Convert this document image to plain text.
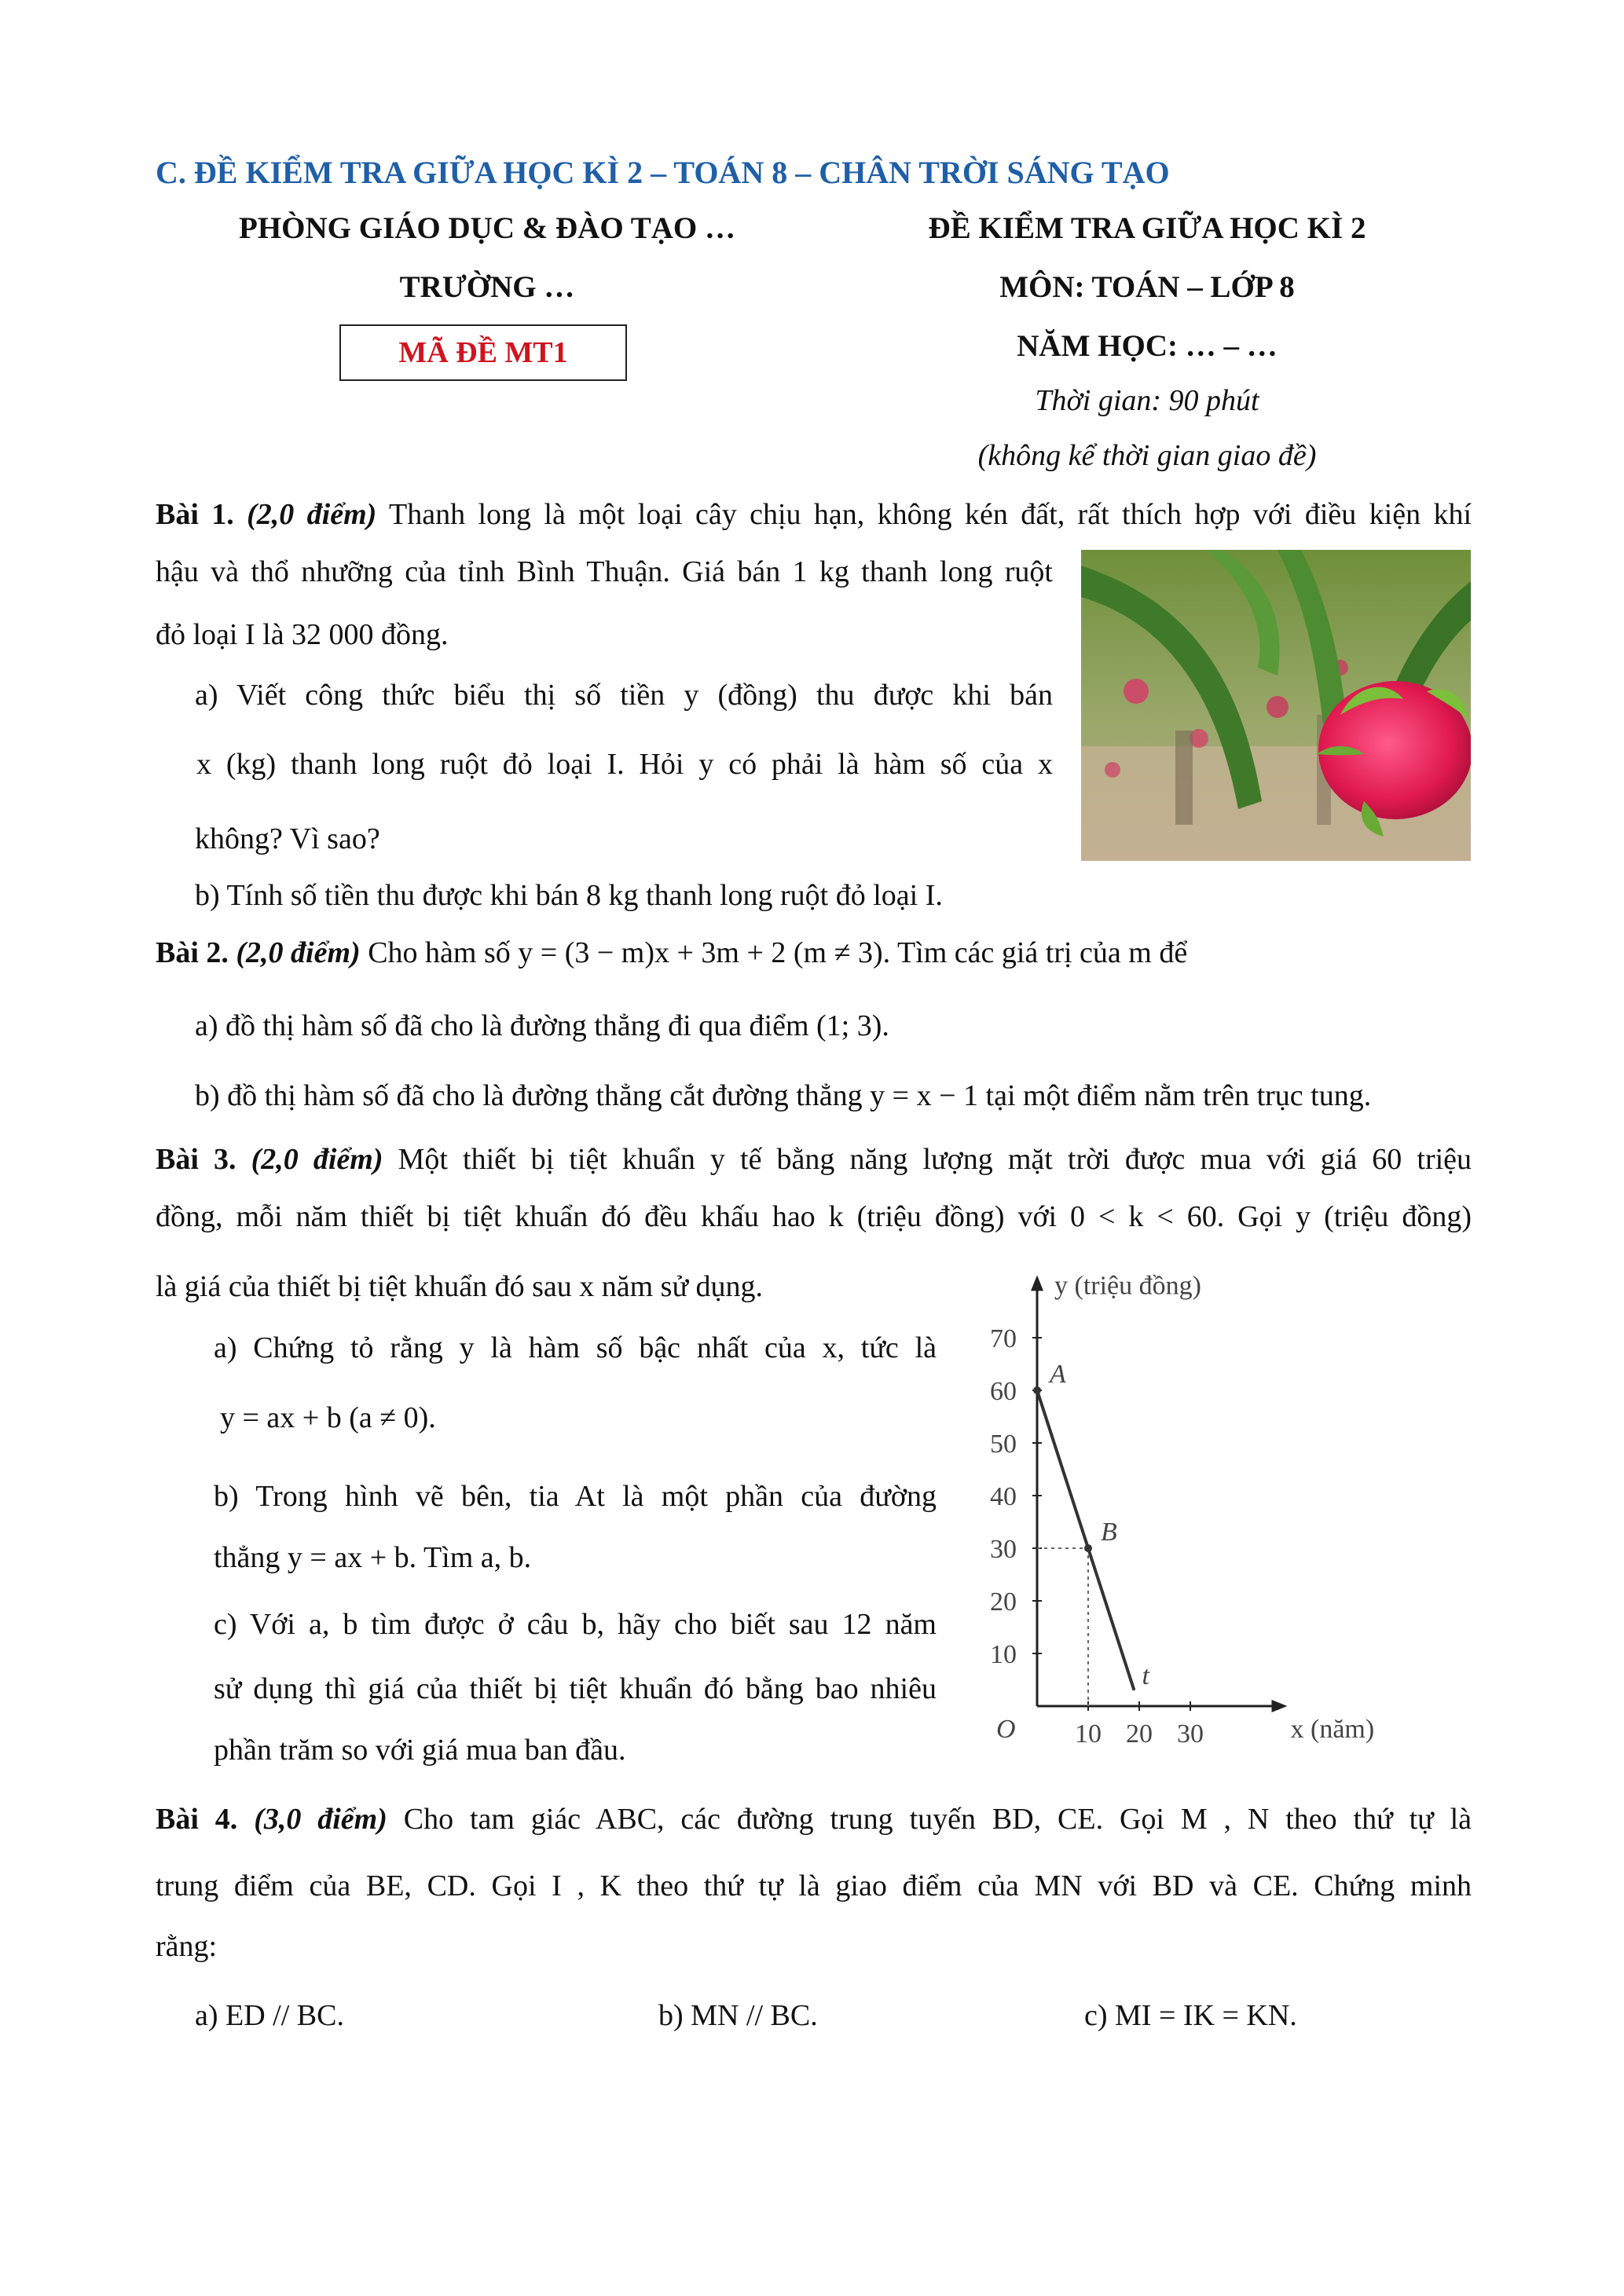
C. ĐỀ KIỂM TRA GIỮA HỌC KÌ 2 – TOÁN 8 – CHÂN TRỜI SÁNG TẠO
PHÒNG GIÁO DỤC & ĐÀO TẠO …
TRƯỜNG …
MÃ ĐỀ MT1
ĐỀ KIỂM TRA GIỮA HỌC KÌ 2
MÔN: TOÁN – LỚP 8
NĂM HỌC: … – …
Thời gian: 90 phút
(không kể thời gian giao đề)
Bài 1. (2,0 điểm) Thanh long là một loại cây chịu hạn, không kén đất, rất thích hợp với điều kiện khí
hậu và thổ nhưỡng của tỉnh Bình Thuận. Giá bán 1 kg thanh long ruột
đỏ loại I là 32 000 đồng.
a) Viết công thức biểu thị số tiền y (đồng) thu được khi bán
x (kg) thanh long ruột đỏ loại I. Hỏi y có phải là hàm số của x
không? Vì sao?
b) Tính số tiền thu được khi bán 8 kg thanh long ruột đỏ loại I.
Bài 2. (2,0 điểm) Cho hàm số y = (3 − m)x + 3m + 2 (m ≠ 3). Tìm các giá trị của m để
a) đồ thị hàm số đã cho là đường thẳng đi qua điểm (1; 3).
b) đồ thị hàm số đã cho là đường thẳng cắt đường thẳng y = x − 1 tại một điểm nằm trên trục tung.
Bài 3. (2,0 điểm) Một thiết bị tiệt khuẩn y tế bằng năng lượng mặt trời được mua với giá 60 triệu
đồng, mỗi năm thiết bị tiệt khuẩn đó đều khấu hao k (triệu đồng) với 0 < k < 60. Gọi y (triệu đồng)
là giá của thiết bị tiệt khuẩn đó sau x năm sử dụng.
a) Chứng tỏ rằng y là hàm số bậc nhất của x, tức là
y = ax + b (a ≠ 0).
b) Trong hình vẽ bên, tia At là một phần của đường
thẳng y = ax + b. Tìm a, b.
c) Với a, b tìm được ở câu b, hãy cho biết sau 12 năm
sử dụng thì giá của thiết bị tiệt khuẩn đó bằng bao nhiêu
phần trăm so với giá mua ban đầu.	10 20 30
10
20
30
40
50
60
70
x (năm)
y (triệu đồng)
O
A
B
t
Bài 4. (3,0 điểm) Cho tam giác ABC, các đường trung tuyến BD, CE. Gọi M , N theo thứ tự là
trung điểm của BE, CD. Gọi I , K theo thứ tự là giao điểm của MN với BD và CE. Chứng minh
rằng:
a) ED // BC.	b) MN // BC.	c) MI = IK = KN.
